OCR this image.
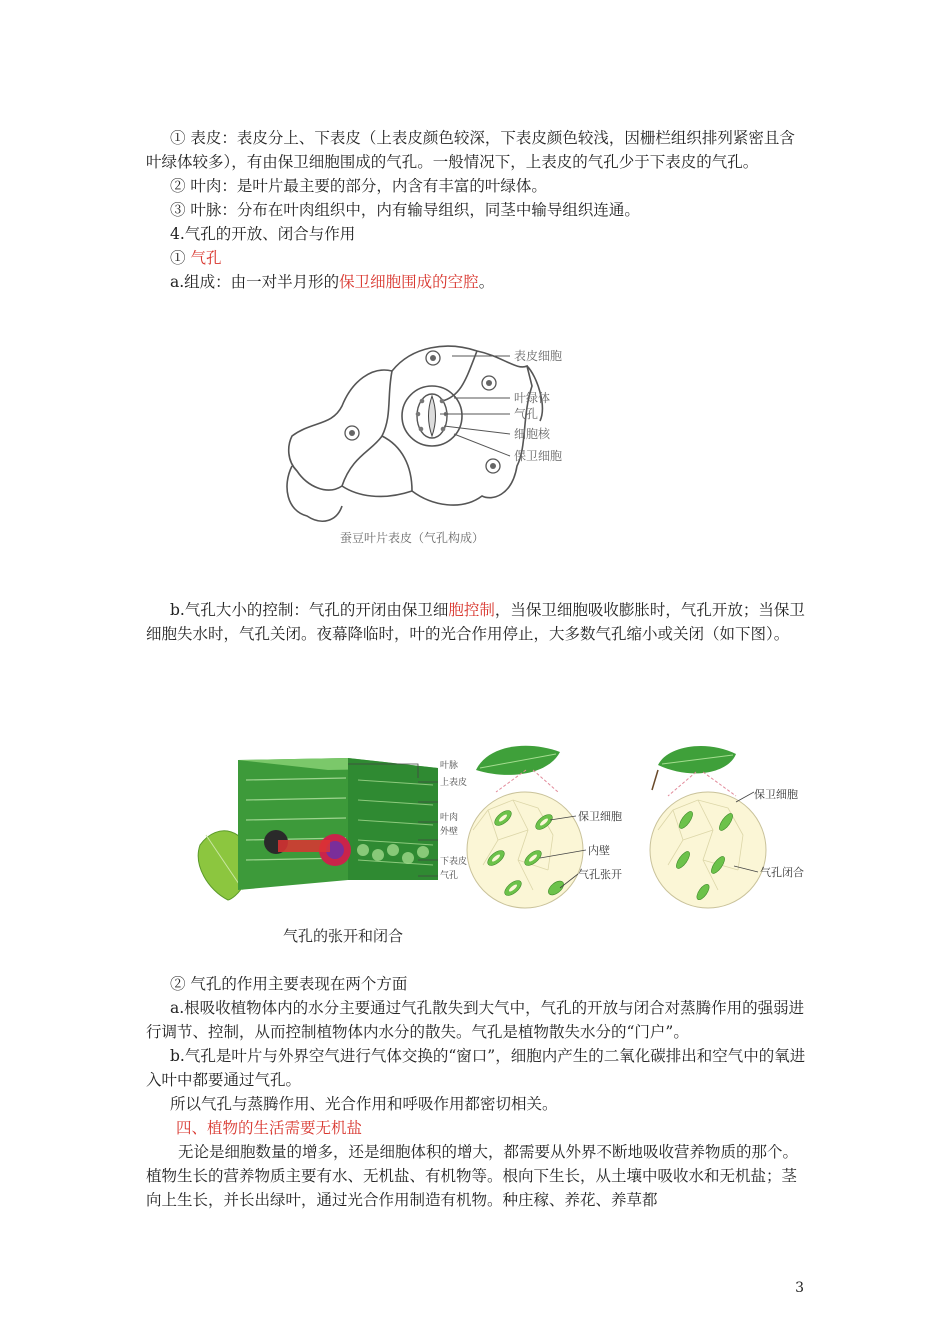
① 表皮：表皮分上、下表皮（上表皮颜色较深，下表皮颜色较浅，因栅栏组织排列紧密且含叶绿体较多），有由保卫细胞围成的气孔。一般情况下，上表皮的气孔少于下表皮的气孔。

② 叶肉：是叶片最主要的部分，内含有丰富的叶绿体。

③ 叶脉：分布在叶肉组织中，内有输导组织，同茎中输导组织连通。

4.气孔的开放、闭合与作用

① 气孔

a.组成：由一对半月形的保卫细胞围成的空腔。

表皮细胞
叶绿体
气孔
细胞核
保卫细胞
蚕豆叶片表皮（气孔构成）

b.气孔大小的控制：气孔的开闭由保卫细胞控制，当保卫细胞吸收膨胀时，气孔开放；当保卫细胞失水时，气孔关闭。夜幕降临时，叶的光合作用停止，大多数气孔缩小或关闭（如下图）。

叶脉
上表皮
叶肉
外壁
下表皮
气孔
保卫细胞
内壁
气孔张开
保卫细胞
气孔闭合
气孔的张开和闭合

② 气孔的作用主要表现在两个方面

a.根吸收植物体内的水分主要通过气孔散失到大气中，气孔的开放与闭合对蒸腾作用的强弱进行调节、控制，从而控制植物体内水分的散失。气孔是植物散失水分的“门户”。

b.气孔是叶片与外界空气进行气体交换的“窗口”，细胞内产生的二氧化碳排出和空气中的氧进入叶中都要通过气孔。

所以气孔与蒸腾作用、光合作用和呼吸作用都密切相关。

四、植物的生活需要无机盐

无论是细胞数量的增多，还是细胞体积的增大，都需要从外界不断地吸收营养物质的那个。植物生长的营养物质主要有水、无机盐、有机物等。根向下生长，从土壤中吸收水和无机盐；茎向上生长，并长出绿叶，通过光合作用制造有机物。种庄稼、养花、养草都

3
